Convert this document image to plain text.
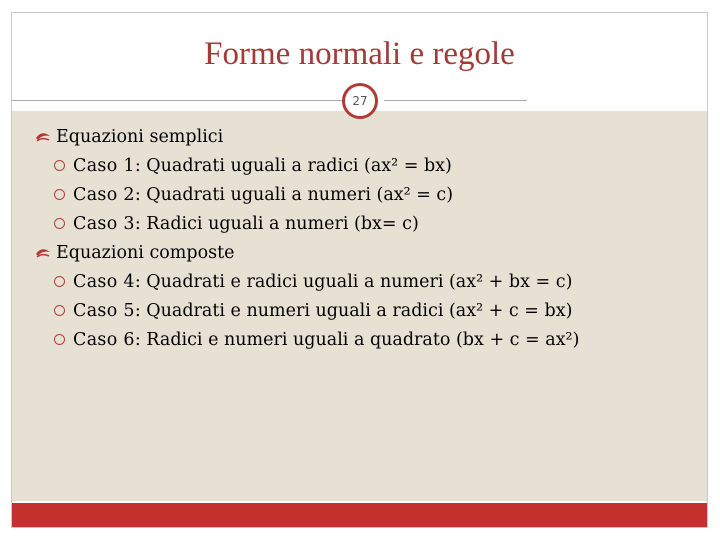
Forme normali e regole
27
Equazioni semplici
Caso 1: Quadrati uguali a radici (ax² = bx)
Caso 2: Quadrati uguali a numeri (ax² = c)
Caso 3: Radici uguali a numeri (bx= c)
Equazioni composte
Caso 4: Quadrati e radici uguali a numeri (ax² + bx = c)
Caso 5: Quadrati e numeri uguali a radici (ax² + c = bx)
Caso 6: Radici e numeri uguali a quadrato (bx + c = ax²)
